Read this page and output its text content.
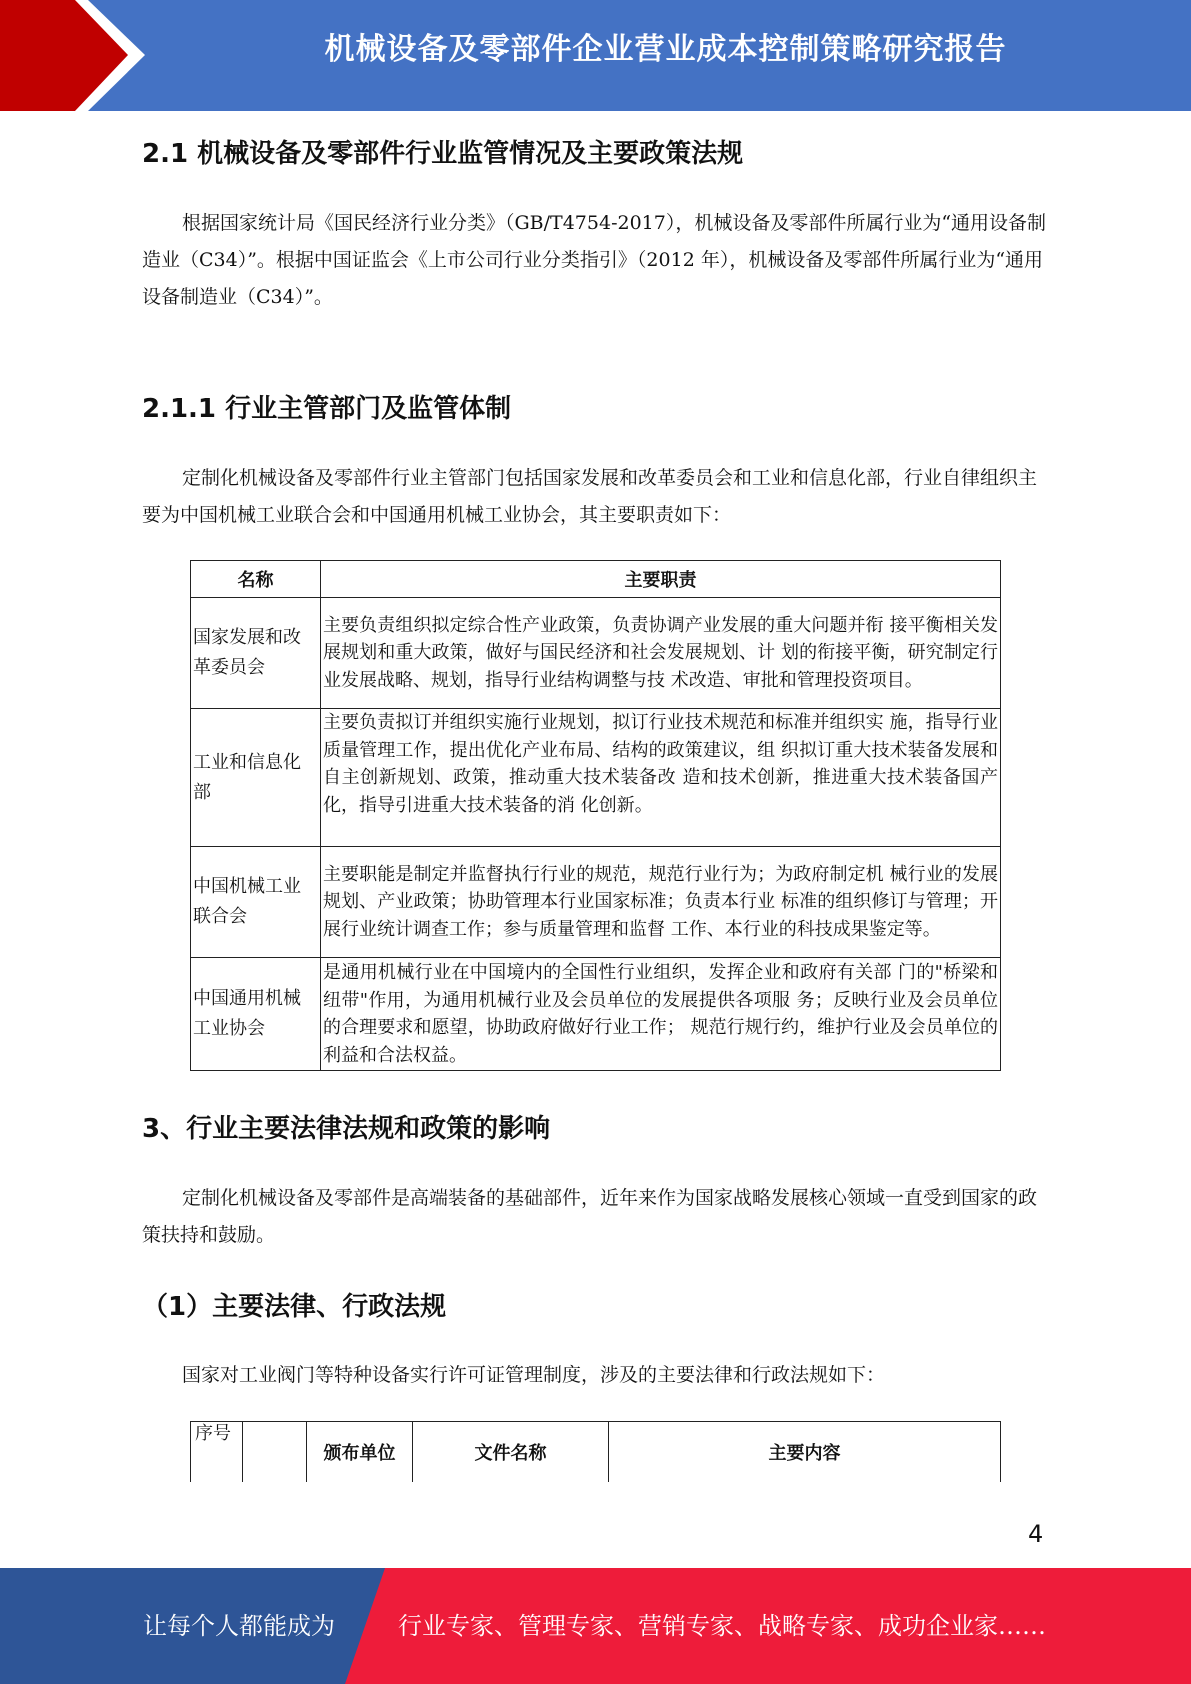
机械设备及零部件企业营业成本控制策略研究报告
2.1 机械设备及零部件行业监管情况及主要政策法规

根据国家统计局《国民经济行业分类》（GB/T4754-2017），机械设备及零部件所属行业为“通用设备制造业（C34）”。根据中国证监会《上市公司行业分类指引》（2012 年），机械设备及零部件所属行业为“通用设备制造业（C34）”。

2.1.1 行业主管部门及监管体制

定制化机械设备及零部件行业主管部门包括国家发展和改革委员会和工业和信息化部，行业自律组织主要为中国机械工业联合会和中国通用机械工业协会，其主要职责如下：

名称	主要职责
国家发展和改革委员会	主要负责组织拟定综合性产业政策，负责协调产业发展的重大问题并衔 接平衡相关发展规划和重大政策，做好与国民经济和社会发展规划、计 划的衔接平衡，研究制定行业发展战略、规划，指导行业结构调整与技 术改造、审批和管理投资项目。
工业和信息化部	主要负责拟订并组织实施行业规划，拟订行业技术规范和标准并组织实 施，指导行业质量管理工作，提出优化产业布局、结构的政策建议，组 织拟订重大技术装备发展和自主创新规划、政策，推动重大技术装备改 造和技术创新，推进重大技术装备国产化，指导引进重大技术装备的消 化创新。
中国机械工业联合会	主要职能是制定并监督执行行业的规范，规范行业行为；为政府制定机 械行业的发展规划、产业政策；协助管理本行业国家标准；负责本行业 标准的组织修订与管理；开展行业统计调查工作；参与质量管理和监督 工作、本行业的科技成果鉴定等。
中国通用机械工业协会	是通用机械行业在中国境内的全国性行业组织，发挥企业和政府有关部 门的"桥梁和纽带"作用，为通用机械行业及会员单位的发展提供各项服 务；反映行业及会员单位的合理要求和愿望，协助政府做好行业工作； 规范行规行约，维护行业及会员单位的利益和合法权益。
3、行业主要法律法规和政策的影响

定制化机械设备及零部件是高端装备的基础部件，近年来作为国家战略发展核心领域一直受到国家的政策扶持和鼓励。

（1）主要法律、行政法规

国家对工业阀门等特种设备实行许可证管理制度，涉及的主要法律和行政法规如下：

序号		颁布单位	文件名称	主要内容
4
让每个人都能成为	行业专家、管理专家、营销专家、战略专家、成功企业家……
